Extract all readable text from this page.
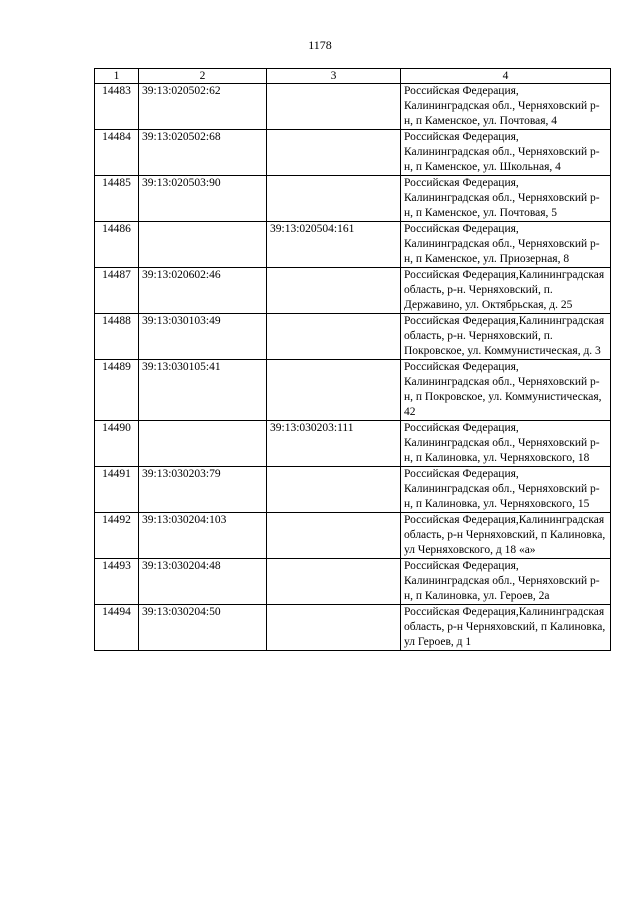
1178
1	2	3	4
14483	39:13:020502:62		Российская Федерация, Калининградская обл., Черняховский р-н, п Каменское, ул. Почтовая, 4
14484	39:13:020502:68		Российская Федерация, Калининградская обл., Черняховский р-н, п Каменское, ул. Школьная, 4
14485	39:13:020503:90		Российская Федерация, Калининградская обл., Черняховский р-н, п Каменское, ул. Почтовая, 5
14486		39:13:020504:161	Российская Федерация, Калининградская обл., Черняховский р-н, п Каменское, ул. Приозерная, 8
14487	39:13:020602:46		Российская Федерация,Калининградская область, р-н. Черняховский, п. Державино, ул. Октябрьская, д. 25
14488	39:13:030103:49		Российская Федерация,Калининградская область, р-н. Черняховский, п. Покровское, ул. Коммунистическая, д. 3
14489	39:13:030105:41		Российская Федерация, Калининградская обл., Черняховский р-н, п Покровское, ул. Коммунистическая, 42
14490		39:13:030203:111	Российская Федерация, Калининградская обл., Черняховский р-н, п Калиновка, ул. Черняховского, 18
14491	39:13:030203:79		Российская Федерация, Калининградская обл., Черняховский р-н, п Калиновка, ул. Черняховского, 15
14492	39:13:030204:103		Российская Федерация,Калининградская область, р-н Черняховский, п Калиновка, ул Черняховского, д 18 «а»
14493	39:13:030204:48		Российская Федерация, Калининградская обл., Черняховский р-н, п Калиновка, ул. Героев, 2а
14494	39:13:030204:50		Российская Федерация,Калининградская область, р-н Черняховский, п Калиновка, ул Героев, д 1
